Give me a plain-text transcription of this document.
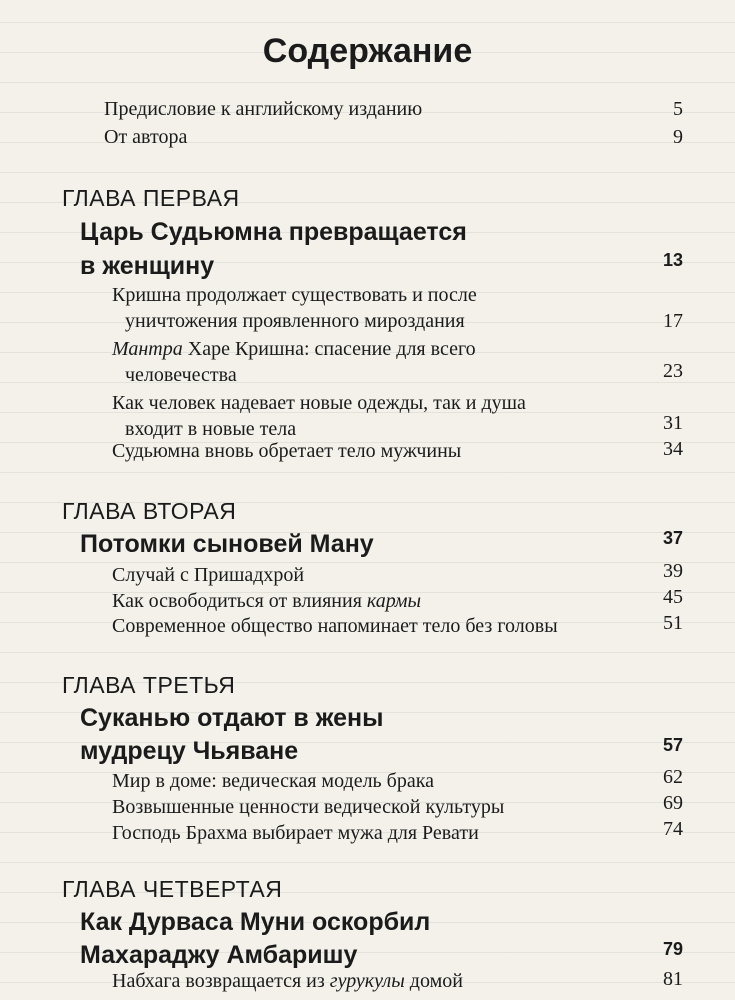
Содержание
Предисловие к английскому изданию	5
От автора	9
ГЛАВА ПЕРВАЯ
Царь Судьюмна превращается
в женщину	13
Кришна продолжает существовать и после
уничтожения проявленного мироздания	17
Мантра Харе Кришна: спасение для всего
человечества	23
Как человек надевает новые одежды, так и душа
входит в новые тела	31
Судьюмна вновь обретает тело мужчины	34
ГЛАВА ВТОРАЯ
Потомки сыновей Ману	37
Случай с Пришадхрой	39
Как освободиться от влияния кармы	45
Современное общество напоминает тело без головы	51
ГЛАВА ТРЕТЬЯ
Суканью отдают в жены
мудрецу Чьяване	57
Мир в доме: ведическая модель брака	62
Возвышенные ценности ведической культуры	69
Господь Брахма выбирает мужа для Ревати	74
ГЛАВА ЧЕТВЕРТАЯ
Как Дурваса Муни оскорбил
Махараджу Амбаришу	79
Набхага возвращается из гурукулы домой	81
